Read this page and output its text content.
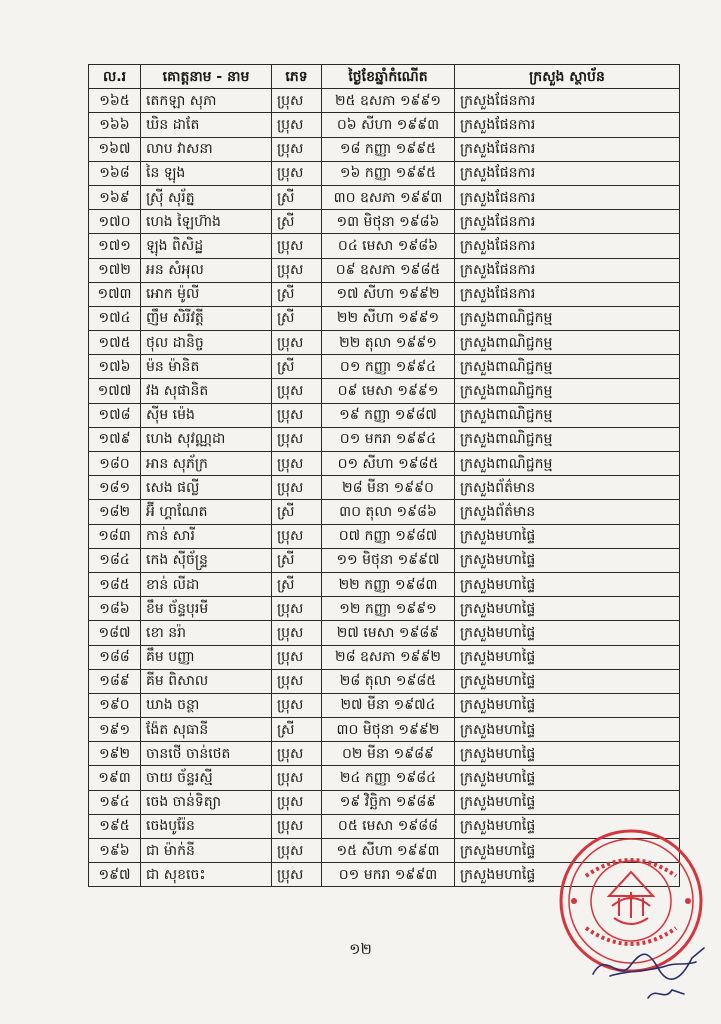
ល.រ	គោត្តនាម - នាម	ភេទ	ថ្ងៃខែឆ្នាំកំណើត	ក្រសួង ស្ថាប័ន
១៦៥	តេកឡា សុភា	ប្រុស	២៥ ឧសភា ១៩៩១	ក្រសួងផែនការ
១៦៦	ឃិន ដាតែ	ប្រុស	០៦ សីហា ១៩៩៣	ក្រសួងផែនការ
១៦៧	លាប វាសនា	ប្រុស	១៨ កញ្ញា ១៩៩៥	ក្រសួងផែនការ
១៦៨	នៃ ឡុង	ប្រុស	១៦ កញ្ញា ១៩៩៥	ក្រសួងផែនការ
១៦៩	ស៊្រី សុរ័ត្ន	ស្រី	៣០ ឧសភា ១៩៩៣	ក្រសួងផែនការ
១៧០	ហេង ឡៃហ៊ាង	ស្រី	១៣ មិថុនា ១៩៨៦	ក្រសួងផែនការ
១៧១	ឡុង ពិសិដ្ឋ	ប្រុស	០៤ មេសា ១៩៨៦	ក្រសួងផែនការ
១៧២	អន សំអុល	ប្រុស	០៩ ឧសភា ១៩៨៥	ក្រសួងផែនការ
១៧៣	អោក ម៉ូលី	ស្រី	១៧ សីហា ១៩៩២	ក្រសួងផែនការ
១៧៤	ញឹម សិរីវត្តី	ស្រី	២២ សីហា ១៩៩១	ក្រសួងពាណិជ្ជកម្ម
១៧៥	ថុល ដានិច្ច	ប្រុស	២២ តុលា ១៩៩១	ក្រសួងពាណិជ្ជកម្ម
១៧៦	ម៉ន ម៉ានិត	ស្រី	០១ កញ្ញា ១៩៩៤	ក្រសួងពាណិជ្ជកម្ម
១៧៧	វង សុផានិត	ប្រុស	០៩ មេសា ១៩៩១	ក្រសួងពាណិជ្ជកម្ម
១៧៨	ស៊ីម ម៉េង	ប្រុស	១៩ កញ្ញា ១៩៨៧	ក្រសួងពាណិជ្ជកម្ម
១៧៩	ហេង សុវណ្ណដា	ប្រុស	០១ មករា ១៩៩៤	ក្រសួងពាណិជ្ជកម្ម
១៨០	អាន សុភ័ក្រ	ប្រុស	០១ សីហា ១៩៨៥	ក្រសួងពាណិជ្ជកម្ម
១៨១	សេង ផល្លី	ប្រុស	២៨ មីនា ១៩៩០	ក្រសួងព័ត៌មាន
១៨២	អ៊ី ហ្គាណែត	ស្រី	៣០ តុលា ១៩៨៦	ក្រសួងព័ត៌មាន
១៨៣	កាន់ សារី	ប្រុស	០៧ កញ្ញា ១៩៨៧	ក្រសួងមហាផ្ទៃ
១៨៤	កេង ស៊ីច័ន្ទ្រ	ស្រី	១១ មិថុនា ១៩៩៧	ក្រសួងមហាផ្ទៃ
១៨៥	ខាន់ លីដា	ស្រី	២២ កញ្ញា ១៩៨៣	ក្រសួងមហាផ្ទៃ
១៨៦	ខឹម ច័ន្ទបុរមី	ប្រុស	១២ កញ្ញា ១៩៩១	ក្រសួងមហាផ្ទៃ
១៨៧	ខោ នរ៉ា	ប្រុស	២៧ មេសា ១៩៨៩	ក្រសួងមហាផ្ទៃ
១៨៨	គឹម បញ្ញា	ប្រុស	២៨ ឧសភា ១៩៩២	ក្រសួងមហាផ្ទៃ
១៨៩	គីម ពិសាល	ប្រុស	២៨ តុលា ១៩៨៥	ក្រសួងមហាផ្ទៃ
១៩០	ឃាង ចន្ថា	ប្រុស	២៧ មីនា ១៩៧៤	ក្រសួងមហាផ្ទៃ
១៩១	ង៉ែត សុធានី	ស្រី	៣០ មិថុនា ១៩៩២	ក្រសួងមហាផ្ទៃ
១៩២	ចានថើ ចាន់ថេត	ប្រុស	០២ មីនា ១៩៨៩	ក្រសួងមហាផ្ទៃ
១៩៣	ចាយ ច័ន្ទរស្មី	ប្រុស	២៤ កញ្ញា ១៩៨៤	ក្រសួងមហាផ្ទៃ
១៩៤	ចេង ចាន់ទិត្យា	ប្រុស	១៩ វិច្ឆិកា ១៩៨៩	ក្រសួងមហាផ្ទៃ
១៩៥	ចេងបូរ៉ែន	ប្រុស	០៥ មេសា ១៩៨៨	ក្រសួងមហាផ្ទៃ
១៩៦	ជា ម៉ាក់នី	ប្រុស	១៥ សីហា ១៩៩៣	ក្រសួងមហាផ្ទៃ
១៩៧	ជា សុខចេះ	ប្រុស	០១ មករា ១៩៩៣	ក្រសួងមហាផ្ទៃ
១២
